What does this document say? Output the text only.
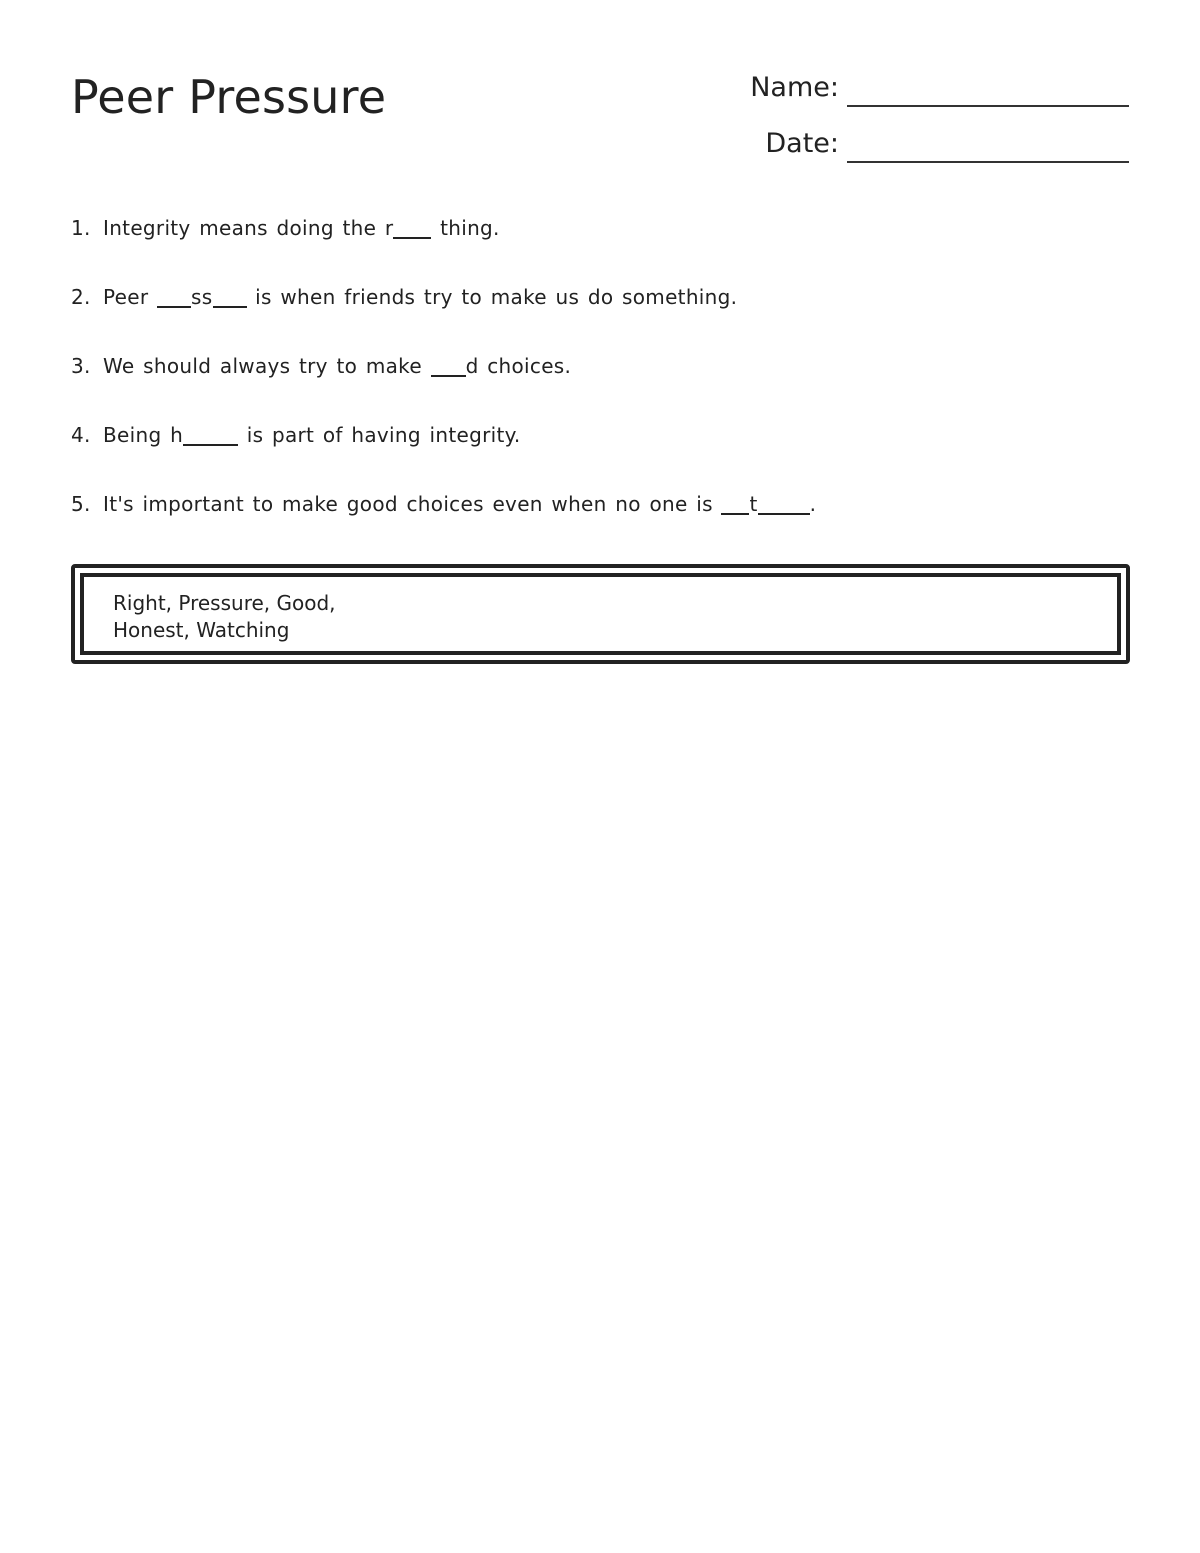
Peer Pressure	Name:
Date:
1. Integrity means doing the r thing.
2. Peer ss is when friends try to make us do something.
3. We should always try to make d choices.
4. Being h	is part of having integrity.
5. It's important to make good choices even when no one is t	.
Right, Pressure, Good,
Honest, Watching
